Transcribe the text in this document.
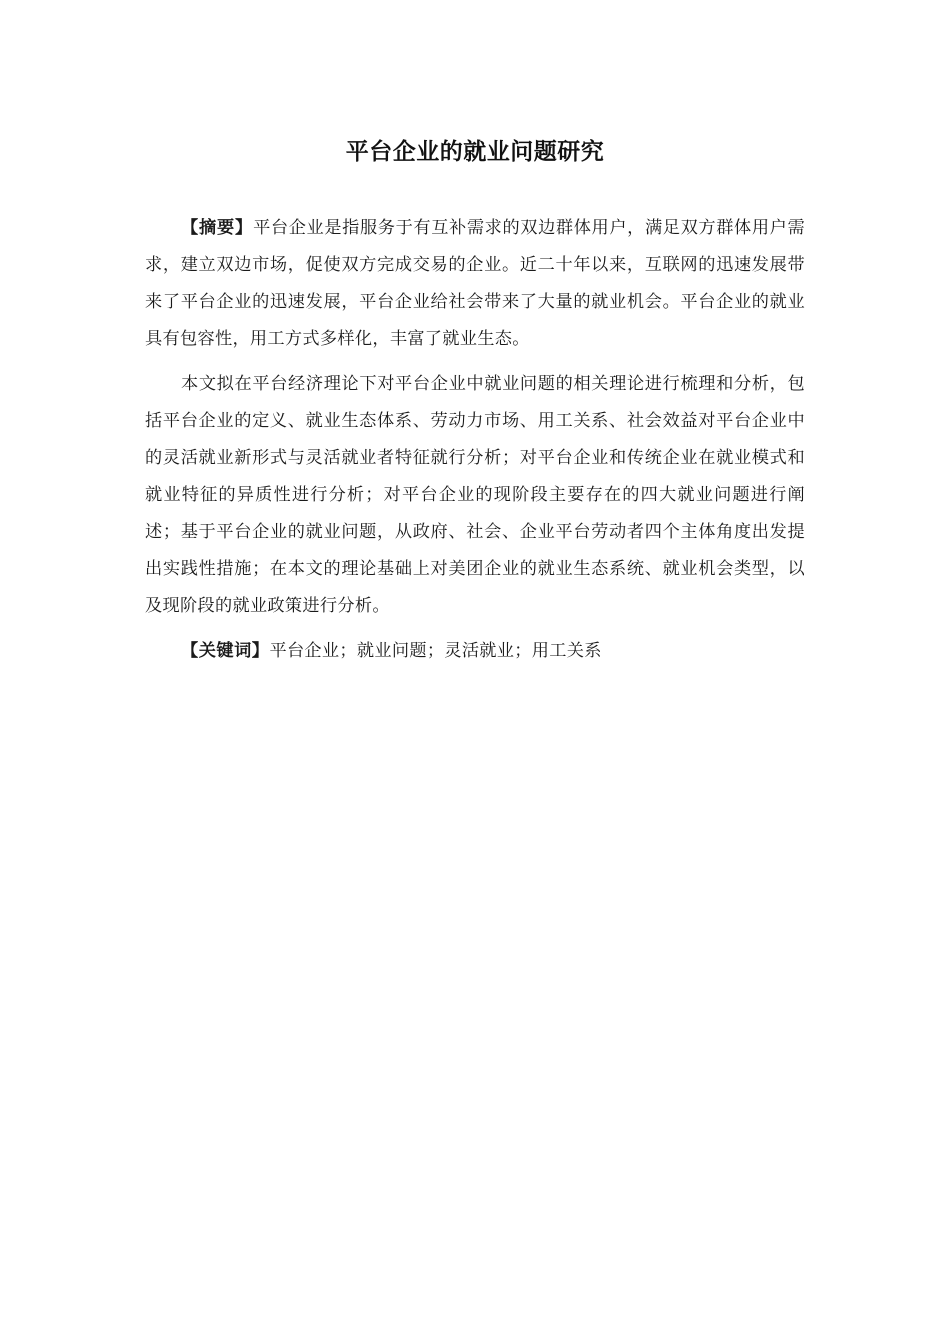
平台企业的就业问题研究

【摘要】平台企业是指服务于有互补需求的双边群体用户，满足双方群体用户需求，建立双边市场，促使双方完成交易的企业。近二十年以来，互联网的迅速发展带来了平台企业的迅速发展，平台企业给社会带来了大量的就业机会。平台企业的就业具有包容性，用工方式多样化，丰富了就业生态。

本文拟在平台经济理论下对平台企业中就业问题的相关理论进行梳理和分析，包括平台企业的定义、就业生态体系、劳动力市场、用工关系、社会效益对平台企业中的灵活就业新形式与灵活就业者特征就行分析；对平台企业和传统企业在就业模式和就业特征的异质性进行分析；对平台企业的现阶段主要存在的四大就业问题进行阐述；基于平台企业的就业问题，从政府、社会、企业平台劳动者四个主体角度出发提出实践性措施；在本文的理论基础上对美团企业的就业生态系统、就业机会类型，以及现阶段的就业政策进行分析。

【关键词】平台企业；就业问题；灵活就业；用工关系
